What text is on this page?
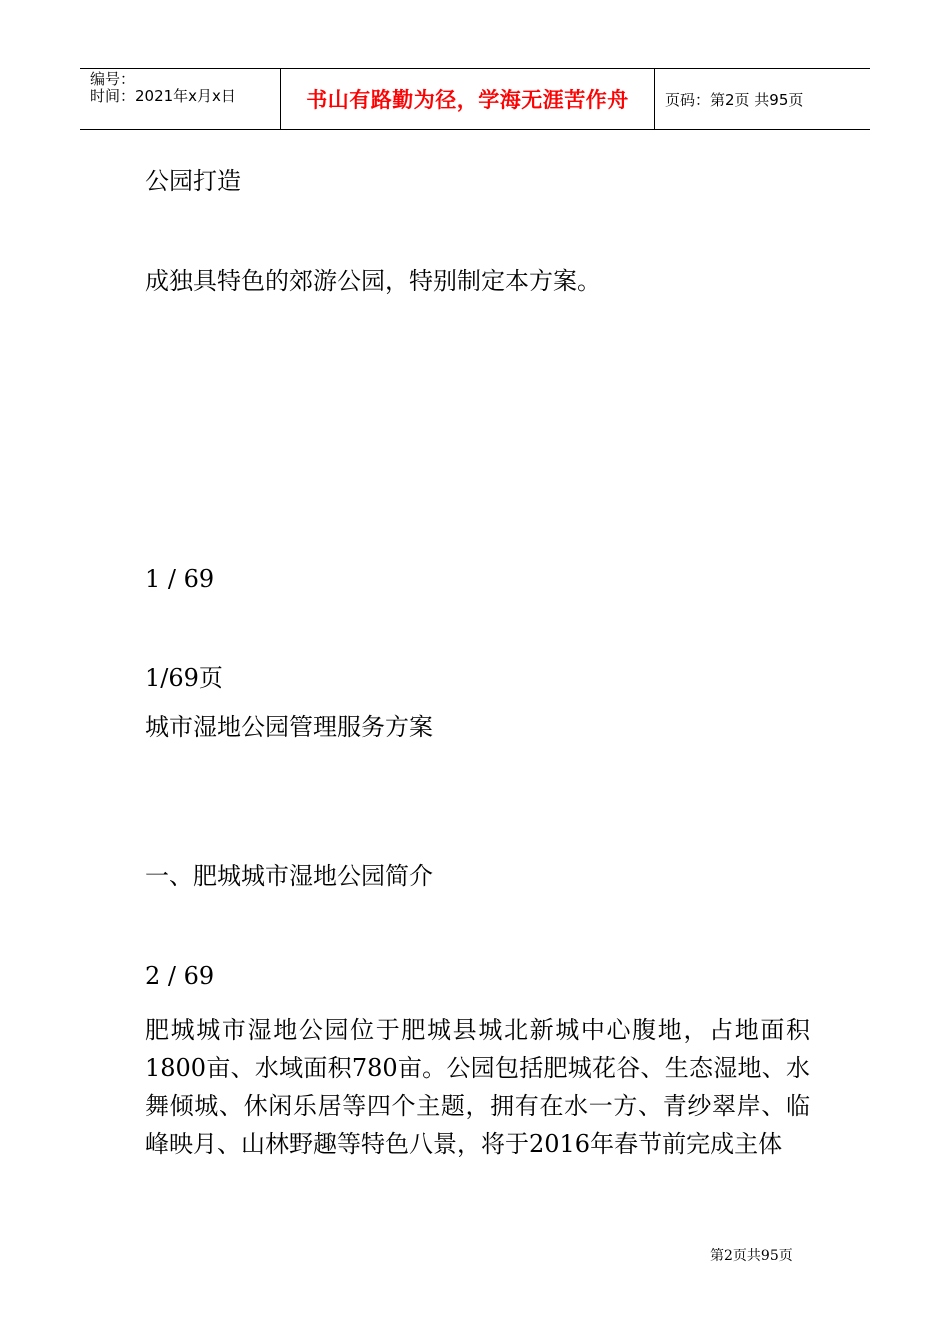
编号：
时间：2021年x月x日	书山有路勤为径，学海无涯苦作舟	页码：第2页 共95页
公园打造
成独具特色的郊游公园，特别制定本方案。
1 / 69
1/69页
城市湿地公园管理服务方案
一、肥城城市湿地公园简介
2 / 69
肥城城市湿地公园位于肥城县城北新城中心腹地，占地面积1800亩、水域面积780亩。公园包括肥城花谷、生态湿地、水舞倾城、休闲乐居等四个主题，拥有在水一方、青纱翠岸、临峰映月、山林野趣等特色八景，将于2016年春节前完成主体
第2页共95页
